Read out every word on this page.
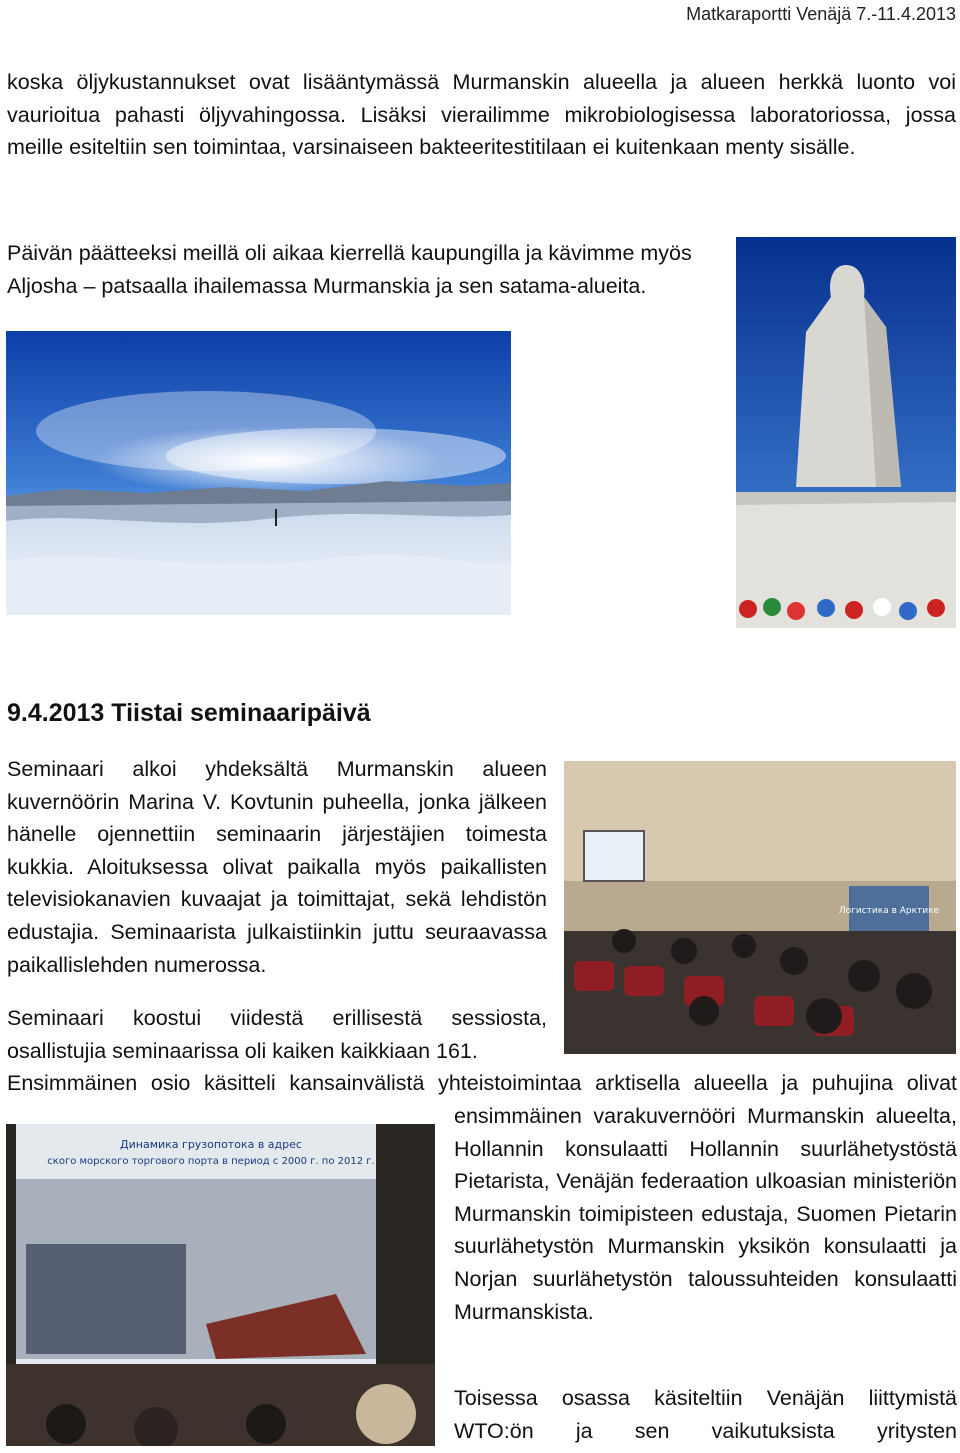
Matkaraportti Venäjä 7.-11.4.2013
koska öljykustannukset ovat lisääntymässä Murmanskin alueella ja alueen herkkä luonto voi vaurioitua pahasti öljyvahingossa. Lisäksi vierailimme mikrobiologisessa laboratoriossa, jossa meille esiteltiin sen toimintaa, varsinaiseen bakteeritestitilaan ei kuitenkaan menty sisälle.
Päivän päätteeksi meillä oli aikaa kierrellä kaupungilla ja kävimme myös
Aljosha – patsaalla ihailemassa Murmanskia ja sen satama-alueita.
9.4.2013 Tiistai seminaaripäivä
Seminaari alkoi yhdeksältä Murmanskin alueen kuvernöörin Marina V. Kovtunin puheella, jonka jälkeen hänelle ojennettiin seminaarin järjestäjien toimesta kukkia. Aloituksessa olivat paikalla myös paikallisten televisiokanavien kuvaajat ja toimittajat, sekä lehdistön edustajia. Seminaarista julkaistiinkin juttu seuraavassa paikallislehden numerossa.
Seminaari koostui viidestä erillisestä sessiosta, osallistujia seminaarissa oli kaiken kaikkiaan 161.
Логистика в Арктике
Ensimmäinen osio käsitteli kansainvälistä yhteistoimintaa arktisella alueella ja puhujina olivat
Динамика грузопотока в адрес
ского морского торгового порта в период с 2000 г. по 2012 г.
ensimmäinen varakuvernööri Murmanskin alueelta, Hollannin konsulaatti Hollannin suurlähetystöstä Pietarista, Venäjän federaation ulkoasian ministeriön Murmanskin toimipisteen edustaja, Suomen Pietarin suurlähetystön Murmanskin yksikön konsulaatti ja Norjan suurlähetystön taloussuhteiden konsulaatti Murmanskista.
Toisessa osassa käsiteltiin Venäjän liittymistä WTO:ön ja sen vaikutuksista yritysten
